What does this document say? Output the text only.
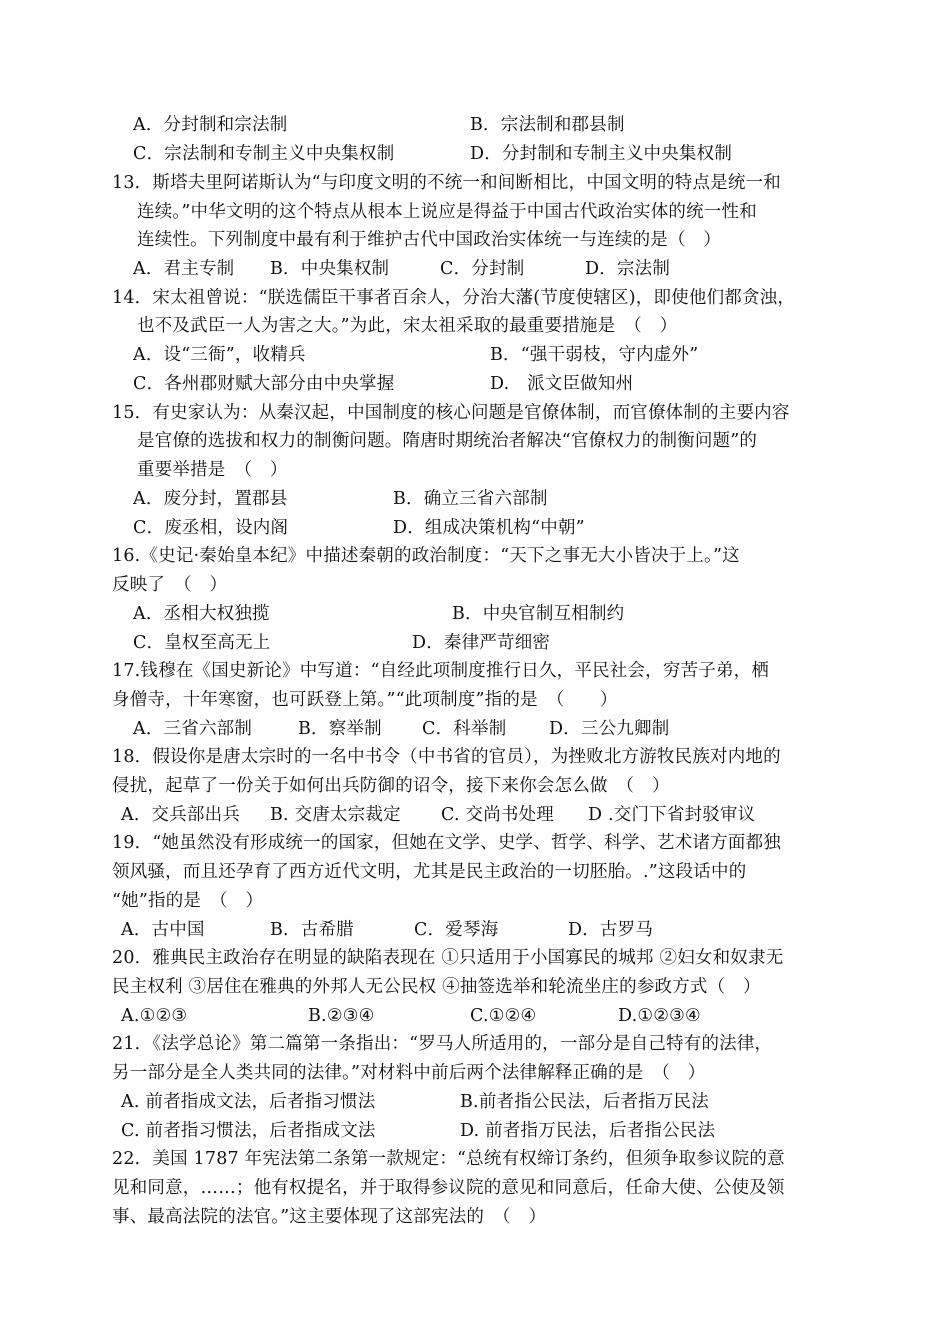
A．分封制和宗法制	B．宗法制和郡县制
C．宗法制和专制主义中央集权制	D．分封制和专制主义中央集权制
13．斯塔夫里阿诺斯认为“与印度文明的不统一和间断相比，中国文明的特点是统一和
连续。”中华文明的这个特点从根本上说应是得益于中国古代政治实体的统一性和
连续性。下列制度中最有利于维护古代中国政治实体统一与连续的是（　）
A．君主专制 B．中央集权制	C．分封制	D．宗法制
14．宋太祖曾说：“朕选儒臣干事者百余人，分治大藩(节度使辖区)，即使他们都贪浊，
也不及武臣一人为害之大。”为此，宋太祖采取的最重要措施是　（　）
A．设“三衙”，收精兵	B．“强干弱枝，守内虚外”
C．各州郡财赋大部分由中央掌握	D.　派文臣做知州
15．有史家认为：从秦汉起，中国制度的核心问题是官僚体制，而官僚体制的主要内容
是官僚的选拔和权力的制衡问题。隋唐时期统治者解决“官僚权力的制衡问题”的
重要举措是　（　）
A．废分封，置郡县	B．确立三省六部制
C．废丞相，设内阁	D．组成决策机构“中朝”
16.《史记·秦始皇本纪》中描述秦朝的政治制度：“天下之事无大小皆决于上。”这
反映了　（　）
A．丞相大权独揽	B．中央官制互相制约
C．皇权至高无上	D．秦律严苛细密
17.钱穆在《国史新论》中写道：“自经此项制度推行日久，平民社会，穷苦子弟，栖
身僧寺，十年寒窗，也可跃登上第。”“此项制度”指的是　（　　）
A．三省六部制	B．察举制 C．科举制 D．三公九卿制
18．假设你是唐太宗时的一名中书令（中书省的官员），为挫败北方游牧民族对内地的
侵扰，起草了一份关于如何出兵防御的诏令，接下来你会怎么做　（　）
A．交兵部出兵 B. 交唐太宗裁定 C. 交尚书处理 D .交门下省封驳审议
19．“她虽然没有形成统一的国家，但她在文学、史学、哲学、科学、艺术诸方面都独
领风骚，而且还孕育了西方近代文明，尤其是民主政治的一切胚胎。.”这段话中的
“她”指的是　（　）
A．古中国	B．古希腊	C．爱琴海	D．古罗马
20．雅典民主政治存在明显的缺陷表现在 ①只适用于小国寡民的城邦 ②妇女和奴隶无
民主权利 ③居住在雅典的外邦人无公民权 ④抽签选举和轮流坐庄的参政方式（　）
A.①②③	B.②③④	C.①②④	D.①②③④
21．《法学总论》第二篇第一条指出：“罗马人所适用的，一部分是自己特有的法律，
另一部分是全人类共同的法律。”对材料中前后两个法律解释正确的是　（　）
A. 前者指成文法，后者指习惯法	B.前者指公民法，后者指万民法
C. 前者指习惯法，后者指成文法	D. 前者指万民法，后者指公民法
22．美国 1787 年宪法第二条第一款规定：“总统有权缔订条约，但须争取参议院的意
见和同意，……；他有权提名，并于取得参议院的意见和同意后，任命大使、公使及领
事、最高法院的法官。”这主要体现了这部宪法的　（　）
